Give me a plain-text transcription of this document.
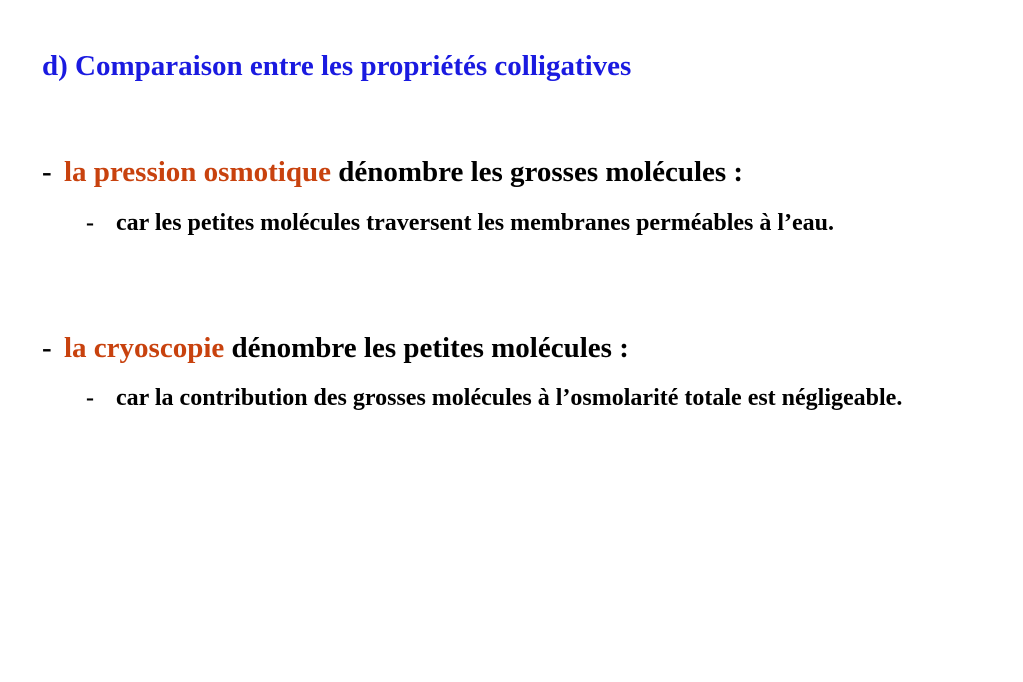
d) Comparaison entre les propriétés colligatives
- la pression osmotique dénombre les grosses molécules :
- car les petites molécules traversent les membranes perméables à l’eau.
- la cryoscopie dénombre les petites molécules :
- car la contribution des grosses molécules à l’osmolarité totale est négligeable.
